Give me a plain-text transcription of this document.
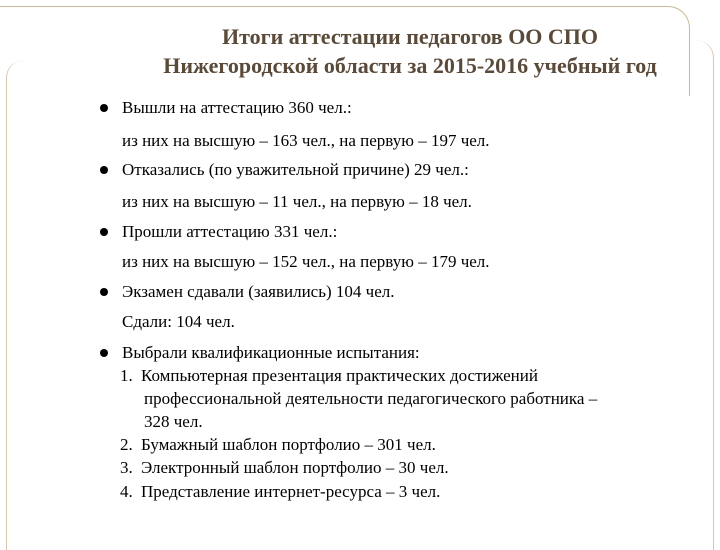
Итоги аттестации педагогов ОО СПО
Нижегородской области за 2015-2016 учебный год
Вышли на аттестацию 360 чел.:
из них на высшую – 163 чел., на первую – 197 чел.
Отказались (по уважительной причине) 29 чел.:
из них на высшую – 11 чел., на первую – 18 чел.
Прошли аттестацию 331 чел.:
из них на высшую – 152 чел., на первую – 179 чел.
Экзамен сдавали (заявились) 104 чел.
Сдали: 104 чел.
Выбрали квалификационные испытания:
1. Компьютерная презентация практических достижений
профессиональной деятельности педагогического работника –
328 чел.
2. Бумажный шаблон портфолио – 301 чел.
3. Электронный шаблон портфолио – 30 чел.
4. Представление интернет-ресурса – 3 чел.
